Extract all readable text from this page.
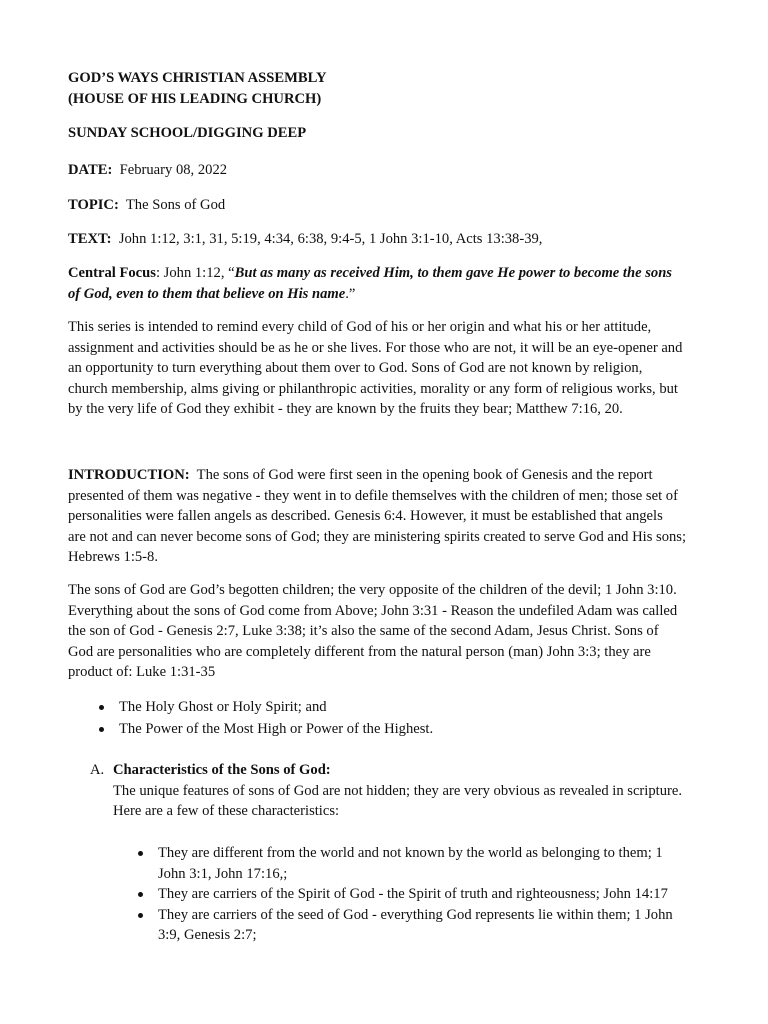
GOD’S WAYS CHRISTIAN ASSEMBLY
(HOUSE OF HIS LEADING CHURCH)
SUNDAY SCHOOL/DIGGING DEEP
DATE: February 08, 2022
TOPIC: The Sons of God
TEXT: John 1:12, 3:1, 31, 5:19, 4:34, 6:38, 9:4-5, 1 John 3:1-10, Acts 13:38-39,
Central Focus: John 1:12, “But as many as received Him, to them gave He power to become the sons
of God, even to them that believe on His name.”
This series is intended to remind every child of God of his or her origin and what his or her attitude,
assignment and activities should be as he or she lives. For those who are not, it will be an eye-opener and
an opportunity to turn everything about them over to God. Sons of God are not known by religion,
church membership, alms giving or philanthropic activities, morality or any form of religious works, but
by the very life of God they exhibit - they are known by the fruits they bear; Matthew 7:16, 20.
INTRODUCTION:  The sons of God were first seen in the opening book of Genesis and the report
presented of them was negative - they went in to defile themselves with the children of men; those set of
personalities were fallen angels as described. Genesis 6:4. However, it must be established that angels
are not and can never become sons of God; they are ministering spirits created to serve God and His sons;
Hebrews 1:5-8.
The sons of God are God’s begotten children; the very opposite of the children of the devil; 1 John 3:10.
Everything about the sons of God come from Above; John 3:31 - Reason the undefiled Adam was called
the son of God - Genesis 2:7, Luke 3:38; it’s also the same of the second Adam, Jesus Christ. Sons of
God are personalities who are completely different from the natural person (man) John 3:3; they are
product of: Luke 1:31-35
The Holy Ghost or Holy Spirit; and
The Power of the Most High or Power of the Highest.
A. Characteristics of the Sons of God:
The unique features of sons of God are not hidden; they are very obvious as revealed in scripture.
Here are a few of these characteristics:
They are different from the world and not known by the world as belonging to them; 1
John 3:1, John 17:16,;
They are carriers of the Spirit of God - the Spirit of truth and righteousness; John 14:17
They are carriers of the seed of God - everything God represents lie within them; 1 John
3:9, Genesis 2:7;
